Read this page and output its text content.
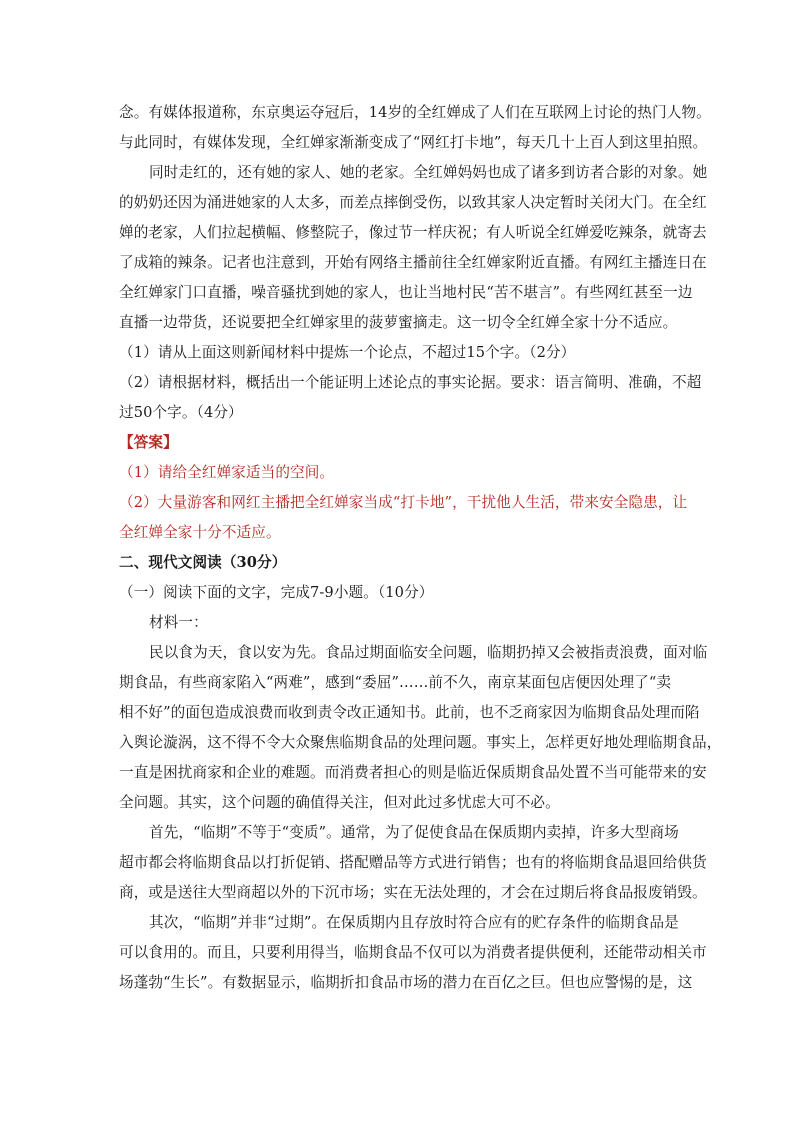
念。有媒体报道称，东京奥运夺冠后，14岁的全红婵成了人们在互联网上讨论的热门人物。
与此同时，有媒体发现，全红婵家渐渐变成了“网红打卡地”，每天几十上百人到这里拍照。
同时走红的，还有她的家人、她的老家。全红婵妈妈也成了诸多到访者合影的对象。她
的奶奶还因为涌进她家的人太多，而差点摔倒受伤，以致其家人决定暂时关闭大门。在全红
婵的老家，人们拉起横幅、修整院子，像过节一样庆祝；有人听说全红婵爱吃辣条，就寄去
了成箱的辣条。记者也注意到，开始有网络主播前往全红婵家附近直播。有网红主播连日在
全红婵家门口直播，噪音骚扰到她的家人，也让当地村民“苦不堪言”。有些网红甚至一边
直播一边带货，还说要把全红婵家里的菠萝蜜摘走。这一切令全红婵全家十分不适应。
（1）请从上面这则新闻材料中提炼一个论点，不超过15个字。（2分）
（2）请根据材料，概括出一个能证明上述论点的事实论据。要求：语言简明、准确，不超
过50个字。（4分）
【答案】
（1）请给全红婵家适当的空间。
（2）大量游客和网红主播把全红婵家当成“打卡地”，干扰他人生活，带来安全隐患，让
全红婵全家十分不适应。
二、现代文阅读（30分）
（一）阅读下面的文字，完成7-9小题。（10分）
材料一：
民以食为天，食以安为先。食品过期面临安全问题，临期扔掉又会被指责浪费，面对临
期食品，有些商家陷入“两难”，感到“委屈”……前不久，南京某面包店便因处理了“卖
相不好”的面包造成浪费而收到责令改正通知书。此前，也不乏商家因为临期食品处理而陷
入舆论漩涡，这不得不令大众聚焦临期食品的处理问题。事实上，怎样更好地处理临期食品，
一直是困扰商家和企业的难题。而消费者担心的则是临近保质期食品处置不当可能带来的安
全问题。其实，这个问题的确值得关注，但对此过多忧虑大可不必。
首先，“临期”不等于“变质”。通常，为了促使食品在保质期内卖掉，许多大型商场
超市都会将临期食品以打折促销、搭配赠品等方式进行销售；也有的将临期食品退回给供货
商，或是送往大型商超以外的下沉市场；实在无法处理的，才会在过期后将食品报废销毁。
其次，“临期”并非“过期”。在保质期内且存放时符合应有的贮存条件的临期食品是
可以食用的。而且，只要利用得当，临期食品不仅可以为消费者提供便利，还能带动相关市
场蓬勃“生长”。有数据显示，临期折扣食品市场的潜力在百亿之巨。但也应警惕的是，这
